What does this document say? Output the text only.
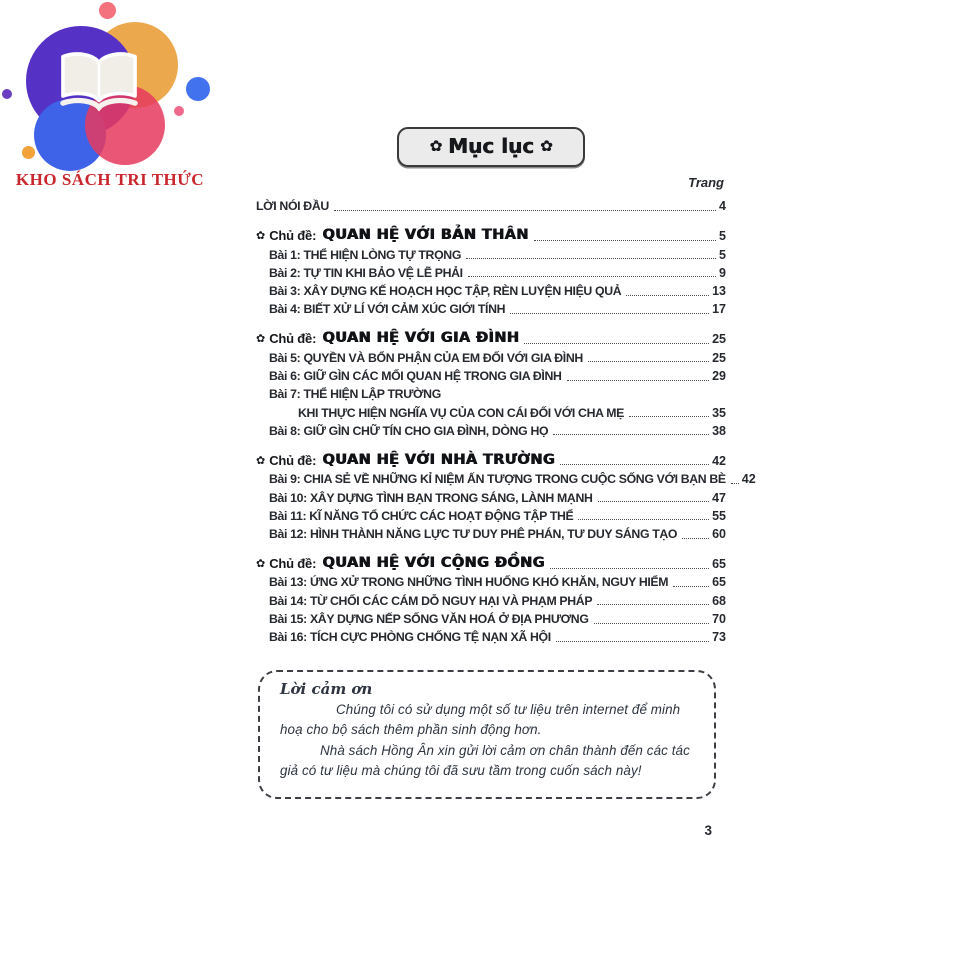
KHO SÁCH TRI THỨC
✿ Mục lục ✿
Trang
LỜI NÓI ĐẦU	4
✿ Chủ đề: QUAN HỆ VỚI BẢN THÂN	5
Bài 1: THỂ HIỆN LÒNG TỰ TRỌNG	5
Bài 2: TỰ TIN KHI BẢO VỆ LẼ PHẢI	9
Bài 3: XÂY DỰNG KẾ HOẠCH HỌC TẬP, RÈN LUYỆN HIỆU QUẢ	13
Bài 4: BIẾT XỬ LÍ VỚI CẢM XÚC GIỚI TÍNH	17
✿ Chủ đề: QUAN HỆ VỚI GIA ĐÌNH	25
Bài 5: QUYỀN VÀ BỔN PHẬN CỦA EM ĐỐI VỚI GIA ĐÌNH	25
Bài 6: GIỮ GÌN CÁC MỐI QUAN HỆ TRONG GIA ĐÌNH	29
Bài 7: THỂ HIỆN LẬP TRƯỜNG
KHI THỰC HIỆN NGHĨA VỤ CỦA CON CÁI ĐỐI VỚI CHA MẸ	35
Bài 8: GIỮ GÌN CHỮ TÍN CHO GIA ĐÌNH, DÒNG HỌ	38
✿ Chủ đề: QUAN HỆ VỚI NHÀ TRƯỜNG	42
Bài 9: CHIA SẺ VỀ NHỮNG KỈ NIỆM ẤN TƯỢNG TRONG CUỘC SỐNG VỚI BẠN BÈ 42
Bài 10: XÂY DỰNG TÌNH BẠN TRONG SÁNG, LÀNH MẠNH	47
Bài 11: KĨ NĂNG TỔ CHỨC CÁC HOẠT ĐỘNG TẬP THỂ	55
Bài 12: HÌNH THÀNH NĂNG LỰC TƯ DUY PHÊ PHÁN, TƯ DUY SÁNG TẠO	60
✿ Chủ đề: QUAN HỆ VỚI CỘNG ĐỒNG	65
Bài 13: ỨNG XỬ TRONG NHỮNG TÌNH HUỐNG KHÓ KHĂN, NGUY HIỂM	65
Bài 14: TỪ CHỐI CÁC CÁM DỖ NGUY HẠI VÀ PHẠM PHÁP	68
Bài 15: XÂY DỰNG NẾP SỐNG VĂN HOÁ Ở ĐỊA PHƯƠNG	70
Bài 16: TÍCH CỰC PHÒNG CHỐNG TỆ NẠN XÃ HỘI	73
Lời cảm ơn

Chúng tôi có sử dụng một số tư liệu trên internet để minh hoạ cho bộ sách thêm phần sinh động hơn.

Nhà sách Hồng Ân xin gửi lời cảm ơn chân thành đến các tác giả có tư liệu mà chúng tôi đã sưu tầm trong cuốn sách này!

3
